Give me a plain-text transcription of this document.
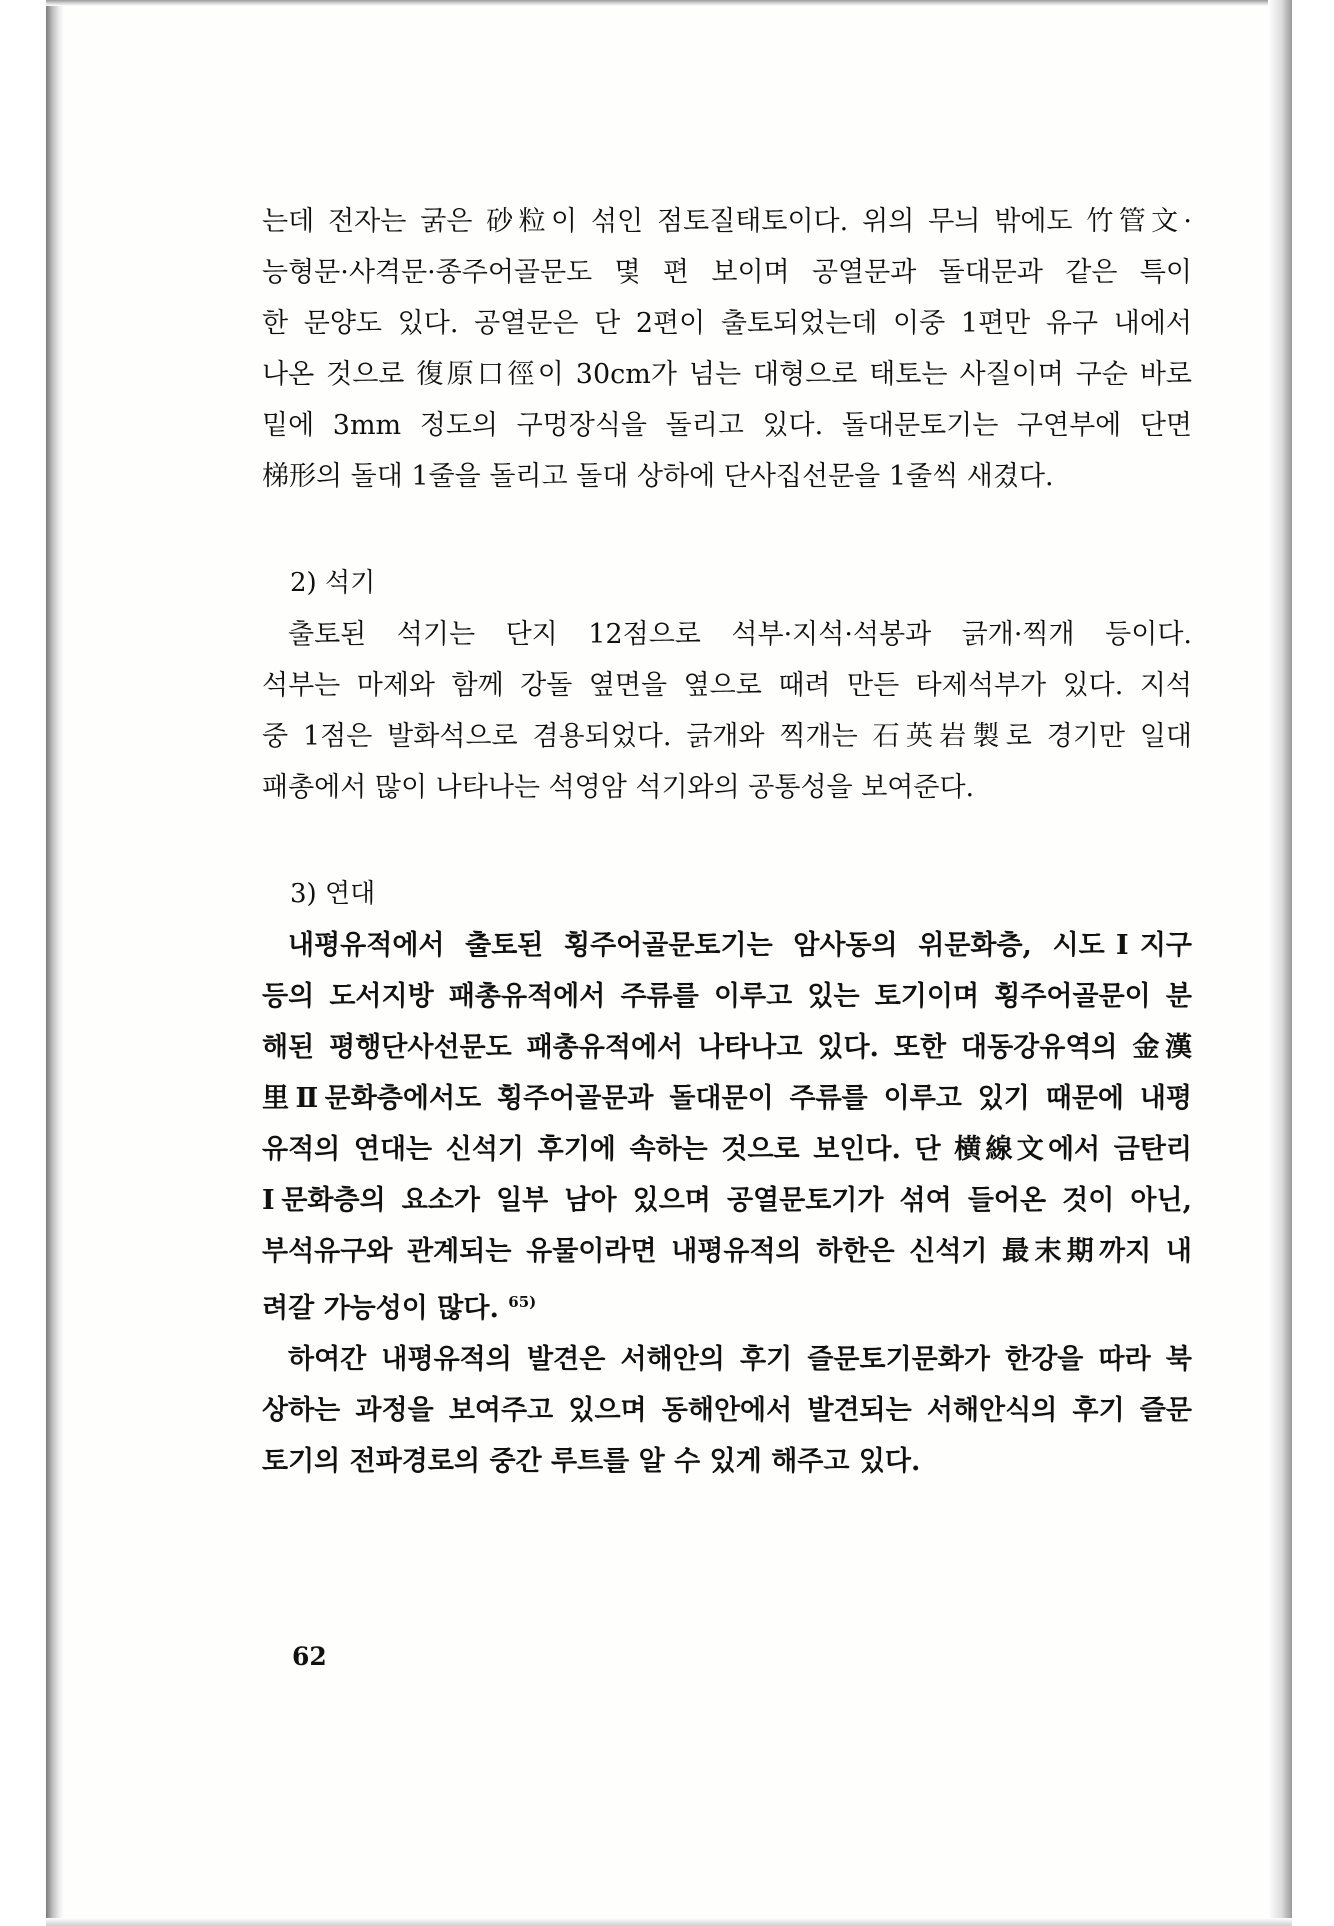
는데 전자는 굵은 砂粒이 섞인 점토질태토이다. 위의 무늬 밖에도 竹管文·
능형문·사격문·종주어골문도 몇 편 보이며 공열문과 돌대문과 같은 특이
한 문양도 있다. 공열문은 단 2편이 출토되었는데 이중 1편만 유구 내에서
나온 것으로 復原口徑이 30cm가 넘는 대형으로 태토는 사질이며 구순 바로
밑에 3mm 정도의 구멍장식을 돌리고 있다. 돌대문토기는 구연부에 단면
梯形의 돌대 1줄을 돌리고 돌대 상하에 단사집선문을 1줄씩 새겼다.

2) 석기

출토된 석기는 단지 12점으로 석부·지석·석봉과 긁개·찍개 등이다.
석부는 마제와 함께 강돌 옆면을 옆으로 때려 만든 타제석부가 있다. 지석
중 1점은 발화석으로 겸용되었다. 긁개와 찍개는 石英岩製로 경기만 일대
패총에서 많이 나타나는 석영암 석기와의 공통성을 보여준다.

3) 연대

내평유적에서 출토된 횡주어골문토기는 암사동의 위문화층, 시도Ⅰ지구
등의 도서지방 패총유적에서 주류를 이루고 있는 토기이며 횡주어골문이 분
해된 평행단사선문도 패총유적에서 나타나고 있다. 또한 대동강유역의 金漢
里Ⅱ문화층에서도 횡주어골문과 돌대문이 주류를 이루고 있기 때문에 내평
유적의 연대는 신석기 후기에 속하는 것으로 보인다. 단 横線文에서 금탄리
Ⅰ문화층의 요소가 일부 남아 있으며 공열문토기가 섞여 들어온 것이 아닌,
부석유구와 관계되는 유물이라면 내평유적의 하한은 신석기 最末期까지 내
려갈 가능성이 많다. $^{65)}$
하여간 내평유적의 발견은 서해안의 후기 즐문토기문화가 한강을 따라 북
상하는 과정을 보여주고 있으며 동해안에서 발견되는 서해안식의 후기 즐문
토기의 전파경로의 중간 루트를 알 수 있게 해주고 있다.
62
